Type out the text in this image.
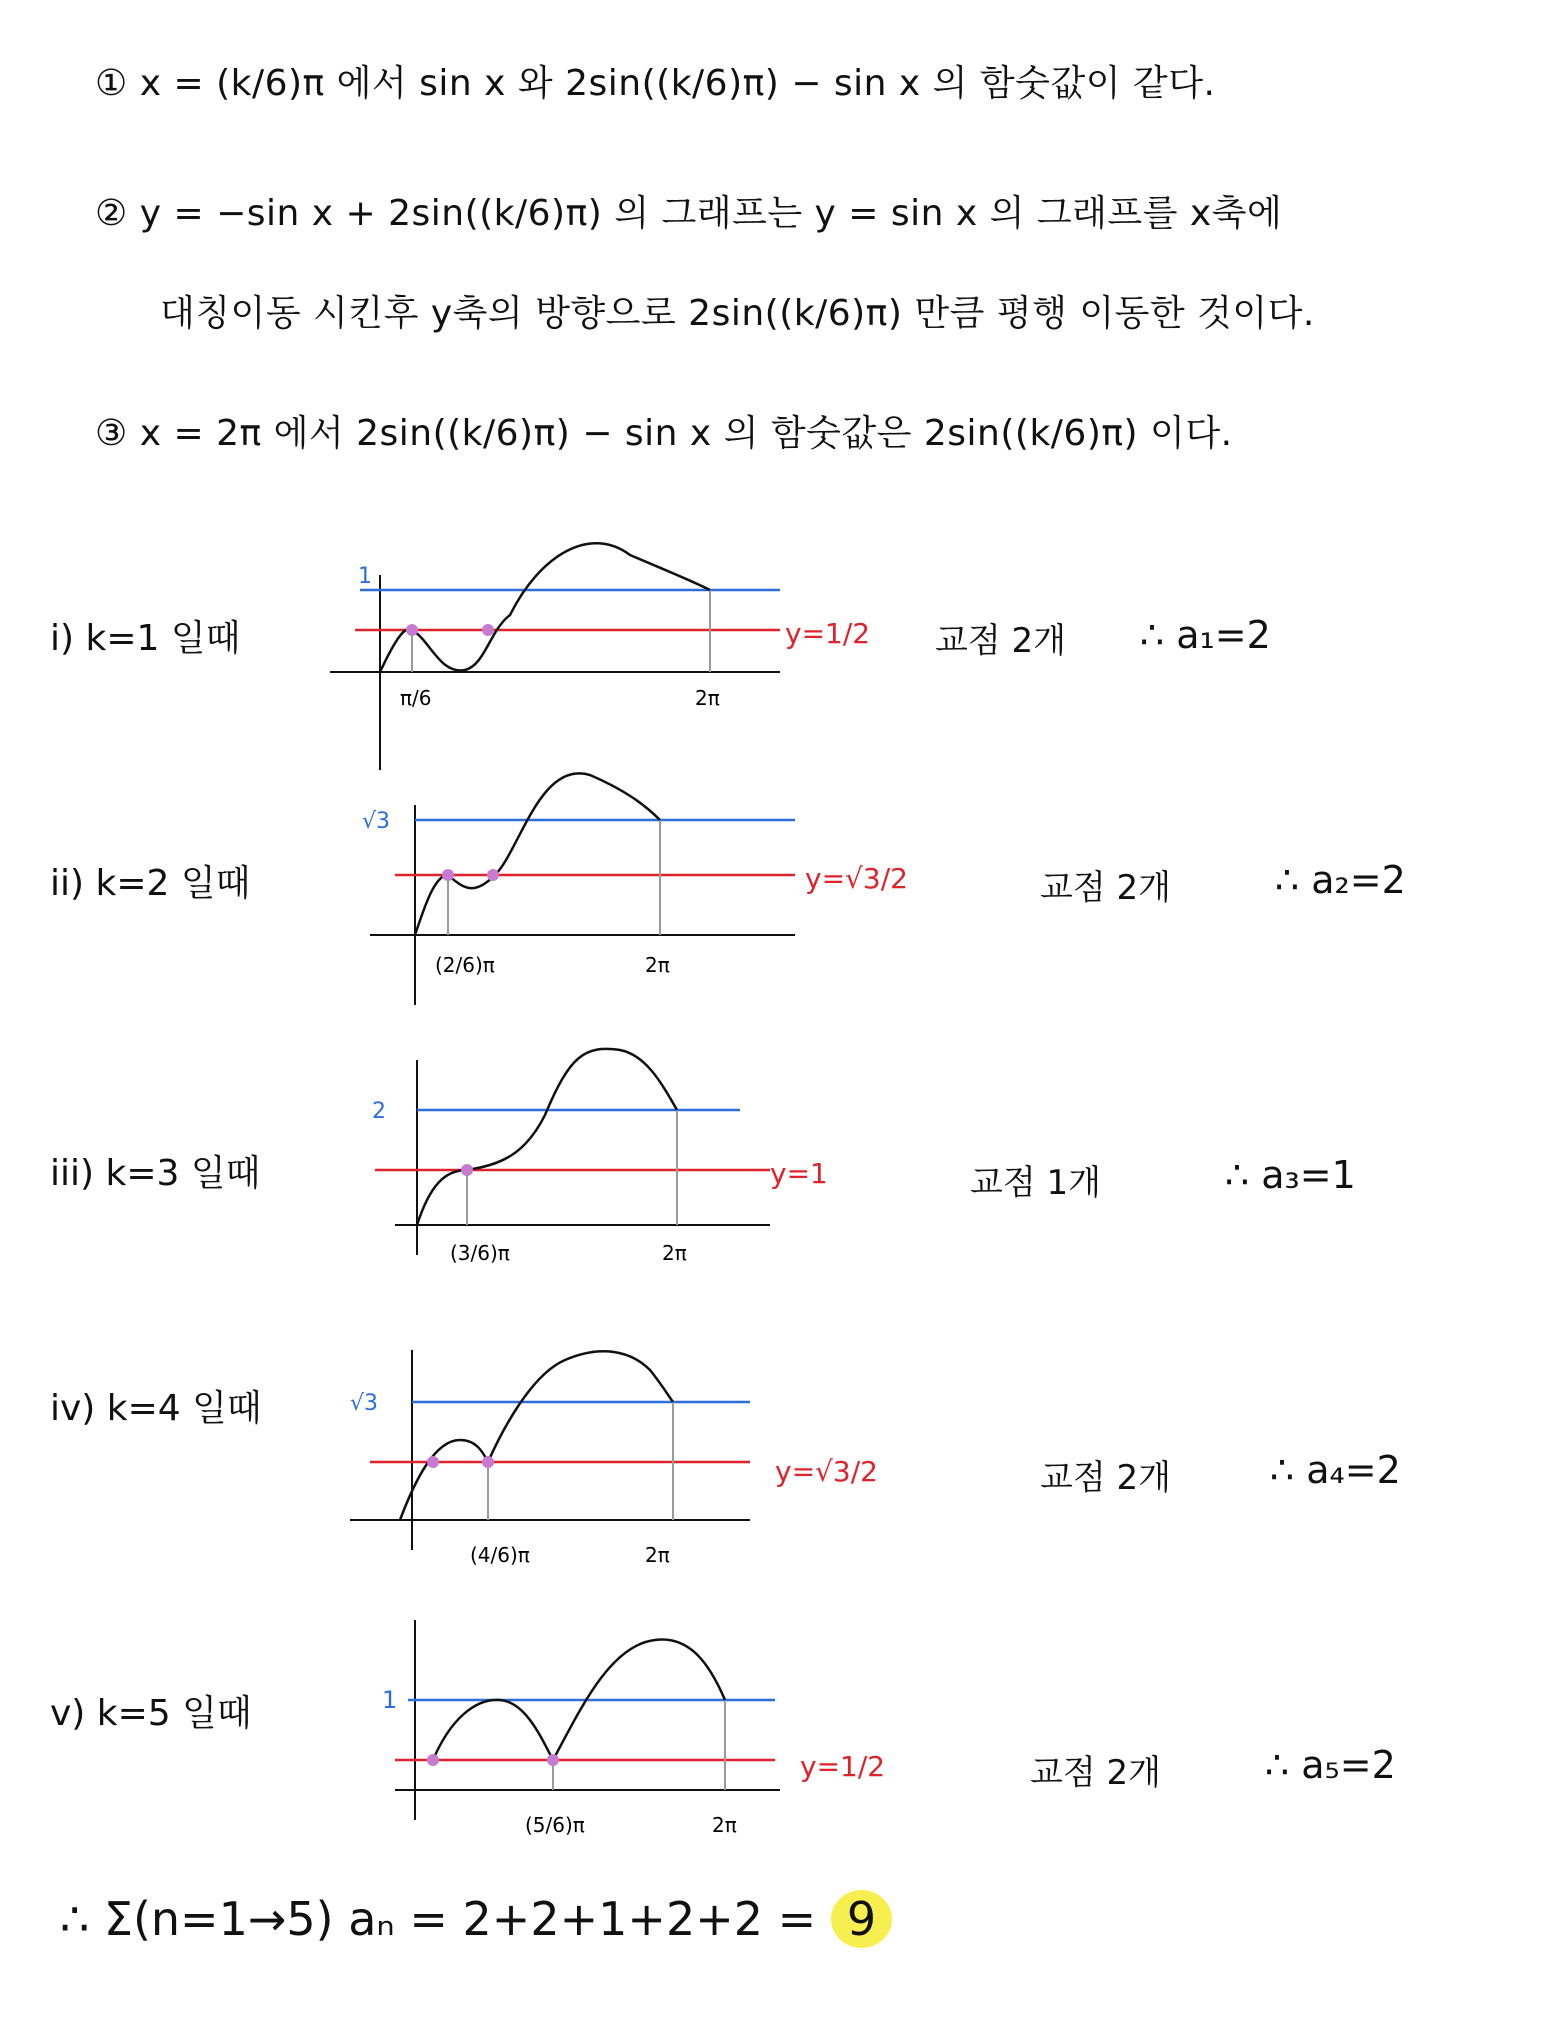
① x = (k/6)π 에서 sin x 와 2sin((k/6)π) − sin x 의 함숫값이 같다.
② y = −sin x + 2sin((k/6)π) 의 그래프는 y = sin x 의 그래프를 x축에
대칭이동 시킨후 y축의 방향으로 2sin((k/6)π) 만큼 평행 이동한 것이다.
③ x = 2π 에서 2sin((k/6)π) − sin x 의 함숫값은 2sin((k/6)π) 이다.
i) k=1 일때
1
π/6	2π
y=1/2 교점 2개 ∴ a₁=2
ii) k=2 일때
√3
(2/6)π	2π
y=√3/2	교점 2개	∴ a₂=2
iii) k=3 일때
2
(3/6)π	2π
y=1	교점 1개	∴ a₃=1
iv) k=4 일때	√3
(4/6)π	2π
y=√3/2	교점 2개	∴ a₄=2
v) k=5 일때	1
(5/6)π	2π
y=1/2	교점 2개	∴ a₅=2
∴ Σ(n=1→5) aₙ = 2+2+1+2+2 = 9
